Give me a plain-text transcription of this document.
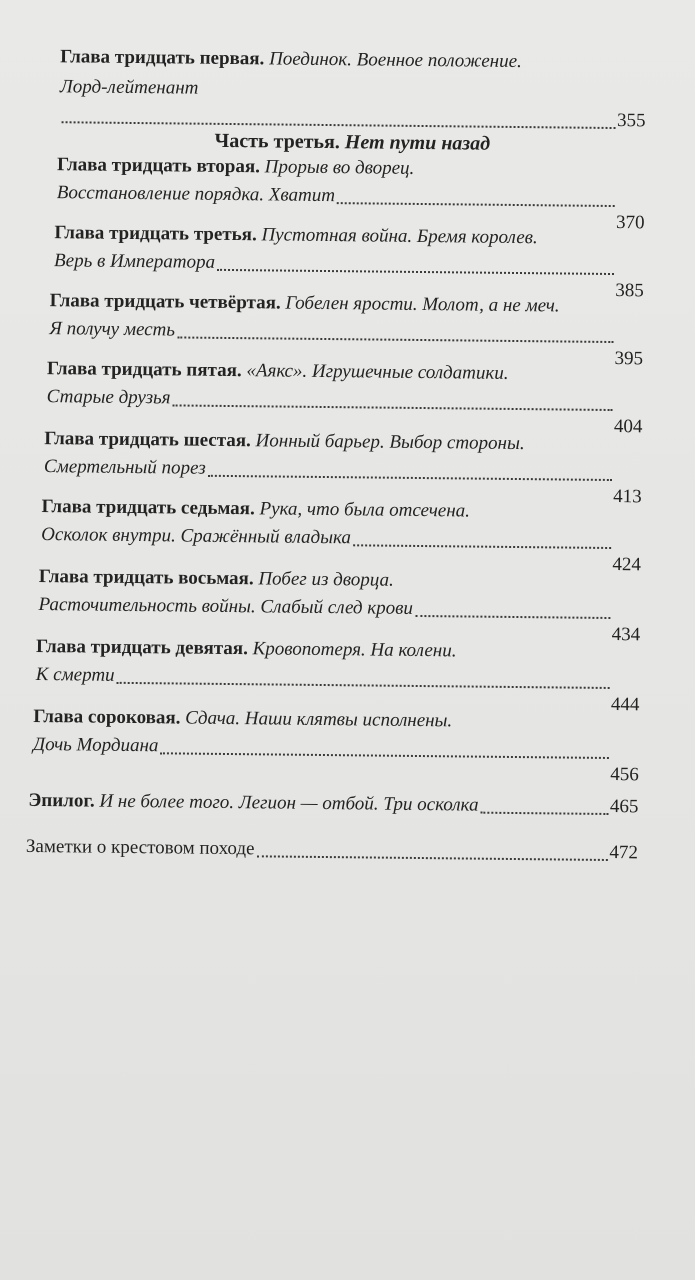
Глава тридцать первая.
Поединок. Военное положение.
Лорд-лейтенант
355
Часть третья. Нет пути назад
Глава тридцать вторая.
Прорыв во дворец.
Восстановление порядка. Хватит
370
Глава тридцать третья.
Пустотная война. Бремя королев.
Верь в Императора
385
Глава тридцать четвёртая.
Гобелен ярости. Молот, а не меч.
Я получу месть
395
Глава тридцать пятая.
«Аякс». Игрушечные солдатики.
Старые друзья
404
Глава тридцать шестая.
Ионный барьер. Выбор стороны.
Смертельный порез
413
Глава тридцать седьмая.
Рука, что была отсечена.
Осколок внутри. Сражённый владыка
424
Глава тридцать восьмая.
Побег из дворца.
Расточительность войны. Слабый след крови
434
Глава тридцать девятая.
Кровопотеря. На колени.
К смерти
444
Глава сороковая.
Сдача. Наши клятвы исполнены.
Дочь Мордиана
456
Эпилог.
И не более того. Легион — отбой. Три осколка	465
Заметки о крестовом походе	472
